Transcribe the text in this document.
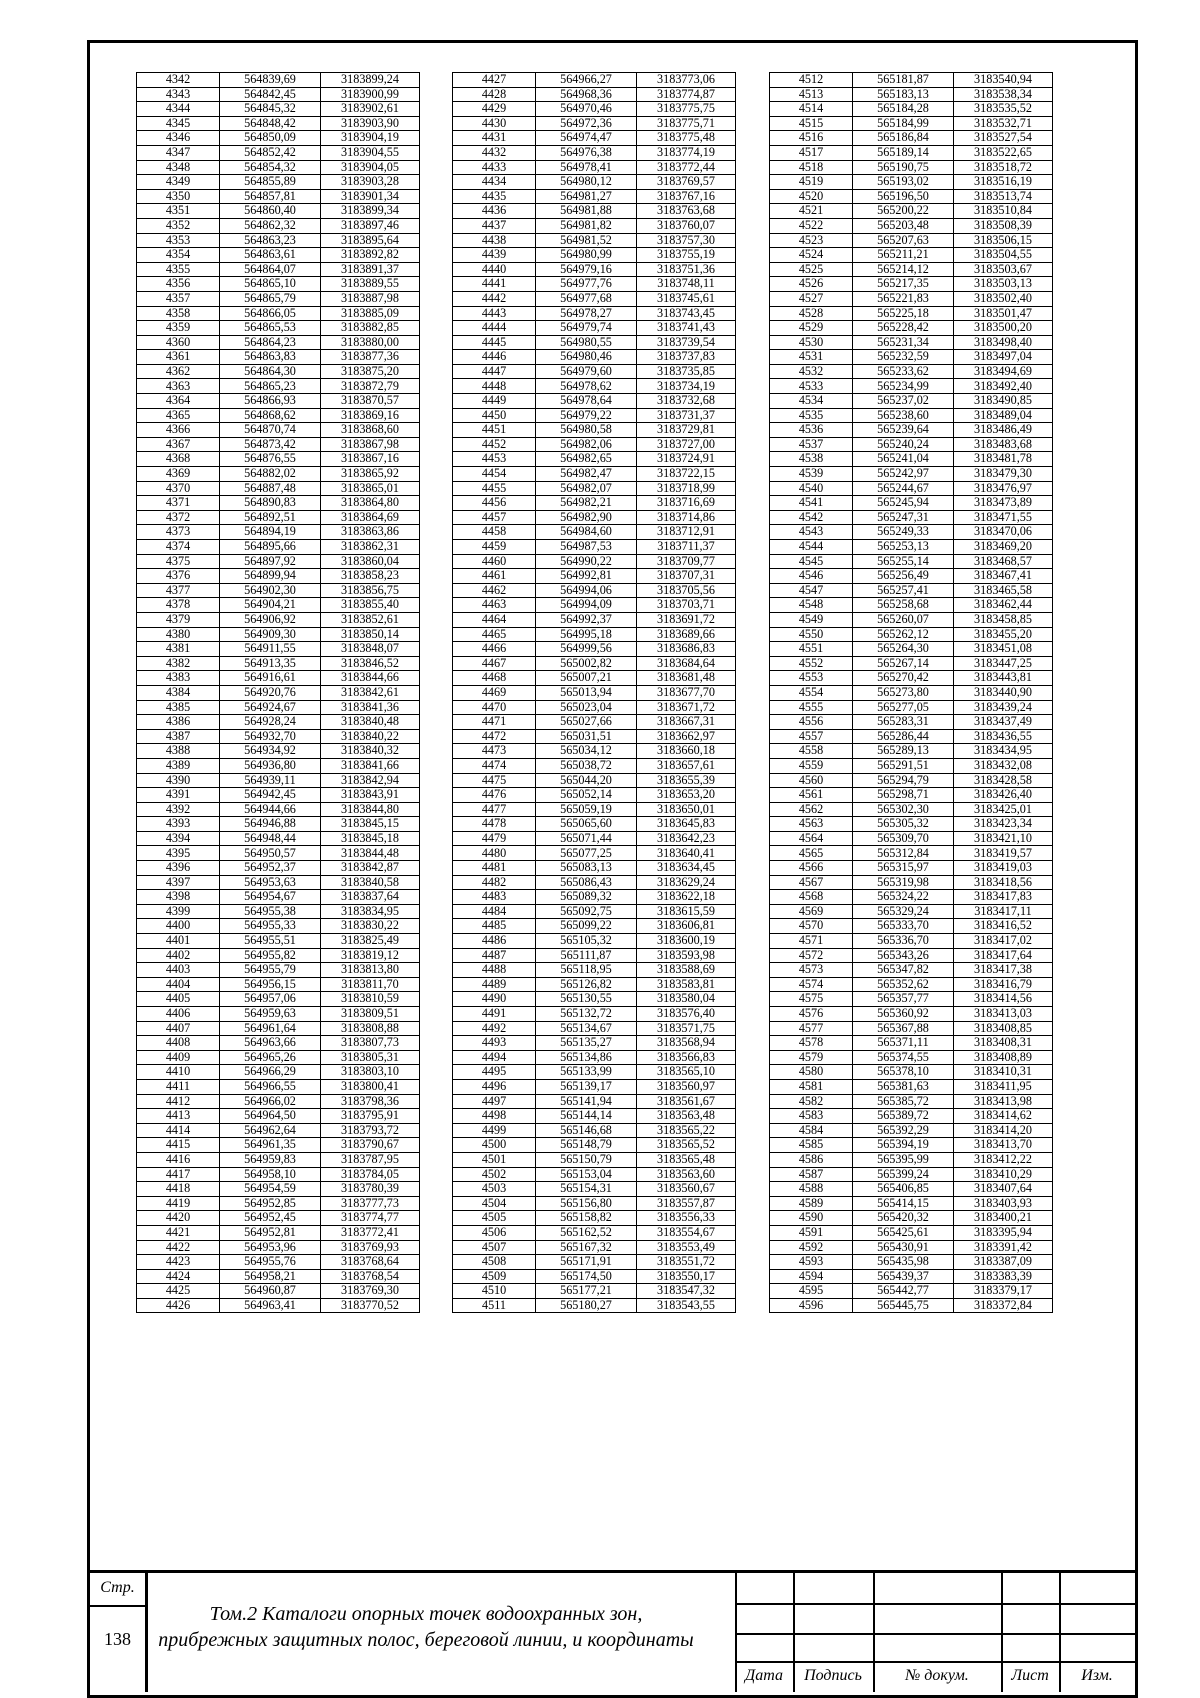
4342	564839,69	3183899,24
4343	564842,45	3183900,99
4344	564845,32	3183902,61
4345	564848,42	3183903,90
4346	564850,09	3183904,19
4347	564852,42	3183904,55
4348	564854,32	3183904,05
4349	564855,89	3183903,28
4350	564857,81	3183901,34
4351	564860,40	3183899,34
4352	564862,32	3183897,46
4353	564863,23	3183895,64
4354	564863,61	3183892,82
4355	564864,07	3183891,37
4356	564865,10	3183889,55
4357	564865,79	3183887,98
4358	564866,05	3183885,09
4359	564865,53	3183882,85
4360	564864,23	3183880,00
4361	564863,83	3183877,36
4362	564864,30	3183875,20
4363	564865,23	3183872,79
4364	564866,93	3183870,57
4365	564868,62	3183869,16
4366	564870,74	3183868,60
4367	564873,42	3183867,98
4368	564876,55	3183867,16
4369	564882,02	3183865,92
4370	564887,48	3183865,01
4371	564890,83	3183864,80
4372	564892,51	3183864,69
4373	564894,19	3183863,86
4374	564895,66	3183862,31
4375	564897,92	3183860,04
4376	564899,94	3183858,23
4377	564902,30	3183856,75
4378	564904,21	3183855,40
4379	564906,92	3183852,61
4380	564909,30	3183850,14
4381	564911,55	3183848,07
4382	564913,35	3183846,52
4383	564916,61	3183844,66
4384	564920,76	3183842,61
4385	564924,67	3183841,36
4386	564928,24	3183840,48
4387	564932,70	3183840,22
4388	564934,92	3183840,32
4389	564936,80	3183841,66
4390	564939,11	3183842,94
4391	564942,45	3183843,91
4392	564944,66	3183844,80
4393	564946,88	3183845,15
4394	564948,44	3183845,18
4395	564950,57	3183844,48
4396	564952,37	3183842,87
4397	564953,63	3183840,58
4398	564954,67	3183837,64
4399	564955,38	3183834,95
4400	564955,33	3183830,22
4401	564955,51	3183825,49
4402	564955,82	3183819,12
4403	564955,79	3183813,80
4404	564956,15	3183811,70
4405	564957,06	3183810,59
4406	564959,63	3183809,51
4407	564961,64	3183808,88
4408	564963,66	3183807,73
4409	564965,26	3183805,31
4410	564966,29	3183803,10
4411	564966,55	3183800,41
4412	564966,02	3183798,36
4413	564964,50	3183795,91
4414	564962,64	3183793,72
4415	564961,35	3183790,67
4416	564959,83	3183787,95
4417	564958,10	3183784,05
4418	564954,59	3183780,39
4419	564952,85	3183777,73
4420	564952,45	3183774,77
4421	564952,81	3183772,41
4422	564953,96	3183769,93
4423	564955,76	3183768,64
4424	564958,21	3183768,54
4425	564960,87	3183769,30
4426	564963,41	3183770,52
4427	564966,27	3183773,06
4428	564968,36	3183774,87
4429	564970,46	3183775,75
4430	564972,36	3183775,71
4431	564974,47	3183775,48
4432	564976,38	3183774,19
4433	564978,41	3183772,44
4434	564980,12	3183769,57
4435	564981,27	3183767,16
4436	564981,88	3183763,68
4437	564981,82	3183760,07
4438	564981,52	3183757,30
4439	564980,99	3183755,19
4440	564979,16	3183751,36
4441	564977,76	3183748,11
4442	564977,68	3183745,61
4443	564978,27	3183743,45
4444	564979,74	3183741,43
4445	564980,55	3183739,54
4446	564980,46	3183737,83
4447	564979,60	3183735,85
4448	564978,62	3183734,19
4449	564978,64	3183732,68
4450	564979,22	3183731,37
4451	564980,58	3183729,81
4452	564982,06	3183727,00
4453	564982,65	3183724,91
4454	564982,47	3183722,15
4455	564982,07	3183718,99
4456	564982,21	3183716,69
4457	564982,90	3183714,86
4458	564984,60	3183712,91
4459	564987,53	3183711,37
4460	564990,22	3183709,77
4461	564992,81	3183707,31
4462	564994,06	3183705,56
4463	564994,09	3183703,71
4464	564992,37	3183691,72
4465	564995,18	3183689,66
4466	564999,56	3183686,83
4467	565002,82	3183684,64
4468	565007,21	3183681,48
4469	565013,94	3183677,70
4470	565023,04	3183671,72
4471	565027,66	3183667,31
4472	565031,51	3183662,97
4473	565034,12	3183660,18
4474	565038,72	3183657,61
4475	565044,20	3183655,39
4476	565052,14	3183653,20
4477	565059,19	3183650,01
4478	565065,60	3183645,83
4479	565071,44	3183642,23
4480	565077,25	3183640,41
4481	565083,13	3183634,45
4482	565086,43	3183629,24
4483	565089,32	3183622,18
4484	565092,75	3183615,59
4485	565099,22	3183606,81
4486	565105,32	3183600,19
4487	565111,87	3183593,98
4488	565118,95	3183588,69
4489	565126,82	3183583,81
4490	565130,55	3183580,04
4491	565132,72	3183576,40
4492	565134,67	3183571,75
4493	565135,27	3183568,94
4494	565134,86	3183566,83
4495	565133,99	3183565,10
4496	565139,17	3183560,97
4497	565141,94	3183561,67
4498	565144,14	3183563,48
4499	565146,68	3183565,22
4500	565148,79	3183565,52
4501	565150,79	3183565,48
4502	565153,04	3183563,60
4503	565154,31	3183560,67
4504	565156,80	3183557,87
4505	565158,82	3183556,33
4506	565162,52	3183554,67
4507	565167,32	3183553,49
4508	565171,91	3183551,72
4509	565174,50	3183550,17
4510	565177,21	3183547,32
4511	565180,27	3183543,55
4512	565181,87	3183540,94
4513	565183,13	3183538,34
4514	565184,28	3183535,52
4515	565184,99	3183532,71
4516	565186,84	3183527,54
4517	565189,14	3183522,65
4518	565190,75	3183518,72
4519	565193,02	3183516,19
4520	565196,50	3183513,74
4521	565200,22	3183510,84
4522	565203,48	3183508,39
4523	565207,63	3183506,15
4524	565211,21	3183504,55
4525	565214,12	3183503,67
4526	565217,35	3183503,13
4527	565221,83	3183502,40
4528	565225,18	3183501,47
4529	565228,42	3183500,20
4530	565231,34	3183498,40
4531	565232,59	3183497,04
4532	565233,62	3183494,69
4533	565234,99	3183492,40
4534	565237,02	3183490,85
4535	565238,60	3183489,04
4536	565239,64	3183486,49
4537	565240,24	3183483,68
4538	565241,04	3183481,78
4539	565242,97	3183479,30
4540	565244,67	3183476,97
4541	565245,94	3183473,89
4542	565247,31	3183471,55
4543	565249,33	3183470,06
4544	565253,13	3183469,20
4545	565255,14	3183468,57
4546	565256,49	3183467,41
4547	565257,41	3183465,58
4548	565258,68	3183462,44
4549	565260,07	3183458,85
4550	565262,12	3183455,20
4551	565264,30	3183451,08
4552	565267,14	3183447,25
4553	565270,42	3183443,81
4554	565273,80	3183440,90
4555	565277,05	3183439,24
4556	565283,31	3183437,49
4557	565286,44	3183436,55
4558	565289,13	3183434,95
4559	565291,51	3183432,08
4560	565294,79	3183428,58
4561	565298,71	3183426,40
4562	565302,30	3183425,01
4563	565305,32	3183423,34
4564	565309,70	3183421,10
4565	565312,84	3183419,57
4566	565315,97	3183419,03
4567	565319,98	3183418,56
4568	565324,22	3183417,83
4569	565329,24	3183417,11
4570	565333,70	3183416,52
4571	565336,70	3183417,02
4572	565343,26	3183417,64
4573	565347,82	3183417,38
4574	565352,62	3183416,79
4575	565357,77	3183414,56
4576	565360,92	3183413,03
4577	565367,88	3183408,85
4578	565371,11	3183408,31
4579	565374,55	3183408,89
4580	565378,10	3183410,31
4581	565381,63	3183411,95
4582	565385,72	3183413,98
4583	565389,72	3183414,62
4584	565392,29	3183414,20
4585	565394,19	3183413,70
4586	565395,99	3183412,22
4587	565399,24	3183410,29
4588	565406,85	3183407,64
4589	565414,15	3183403,93
4590	565420,32	3183400,21
4591	565425,61	3183395,94
4592	565430,91	3183391,42
4593	565435,98	3183387,09
4594	565439,37	3183383,39
4595	565442,77	3183379,17
4596	565445,75	3183372,84
Стр.
138
Том.2 Каталоги опорных точек водоохранных зон, прибрежных защитных полос, береговой линии, и координаты
Дата	Подпись	№ докум.	Лист	Изм.
